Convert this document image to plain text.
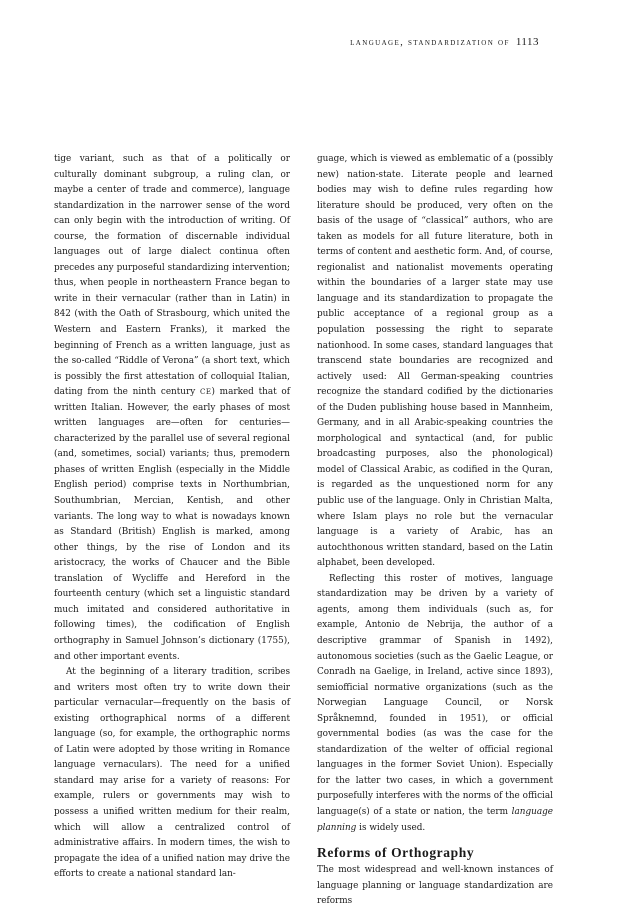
language, standardization of 1113

tige variant, such as that of a politically or culturally dominant subgroup, a ruling clan, or maybe a center of trade and commerce), language standardization in the narrower sense of the word can only begin with the introduction of writing. Of course, the formation of discernable individual languages out of large dialect continua often precedes any purposeful standardizing intervention; thus, when people in northeastern France began to write in their vernacular (rather than in Latin) in 842 (with the Oath of Strasbourg, which united the Western and Eastern Franks), it marked the beginning of French as a written language, just as the so-called “Riddle of Verona” (a short text, which is possibly the first attestation of colloquial Italian, dating from the ninth century CE) marked that of written Italian. However, the early phases of most written languages are—often for centuries—characterized by the parallel use of several regional (and, sometimes, social) variants; thus, premodern phases of written English (especially in the Middle English period) comprise texts in Northumbrian, Southumbrian, Mercian, Kentish, and other variants. The long way to what is nowadays known as Standard (British) English is marked, among other things, by the rise of London and its aristocracy, the works of Chaucer and the Bible translation of Wycliffe and Hereford in the fourteenth century (which set a linguistic standard much imitated and considered authoritative in following times), the codification of English orthography in Samuel Johnson’s dictionary (1755), and other important events.

At the beginning of a literary tradition, scribes and writers most often try to write down their particular vernacular—frequently on the basis of existing orthographical norms of a different language (so, for example, the orthographic norms of Latin were adopted by those writing in Romance language vernaculars). The need for a unified standard may arise for a variety of reasons: For example, rulers or governments may wish to possess a unified written medium for their realm, which will allow a centralized control of administrative affairs. In modern times, the wish to propagate the idea of a unified nation may drive the efforts to create a national standard lan-

guage, which is viewed as emblematic of a (possibly new) nation-state. Literate people and learned bodies may wish to define rules regarding how literature should be produced, very often on the basis of the usage of “classical” authors, who are taken as models for all future literature, both in terms of content and aesthetic form. And, of course, regionalist and nationalist movements operating within the boundaries of a larger state may use language and its standardization to propagate the public acceptance of a regional group as a population possessing the right to separate nationhood. In some cases, standard languages that transcend state boundaries are recognized and actively used: All German-speaking countries recognize the standard codified by the dictionaries of the Duden publishing house based in Mannheim, Germany, and in all Arabic-speaking countries the morphological and syntactical (and, for public broadcasting purposes, also the phonological) model of Classical Arabic, as codified in the Quran, is regarded as the unquestioned norm for any public use of the language. Only in Christian Malta, where Islam plays no role but the vernacular language is a variety of Arabic, has an autochthonous written standard, based on the Latin alphabet, been developed.

Reflecting this roster of motives, language standardization may be driven by a variety of agents, among them individuals (such as, for example, Antonio de Nebrija, the author of a descriptive grammar of Spanish in 1492), autonomous societies (such as the Gaelic League, or Conradh na Gaelige, in Ireland, active since 1893), semiofficial normative organizations (such as the Norwegian Language Council, or Norsk Språknemnd, founded in 1951), or official governmental bodies (as was the case for the standardization of the welter of official regional languages in the former Soviet Union). Especially for the latter two cases, in which a government purposefully interferes with the norms of the official language(s) of a state or nation, the term language planning is widely used.

Reforms of Orthography

The most widespread and well-known instances of language planning or language standardization are reforms
